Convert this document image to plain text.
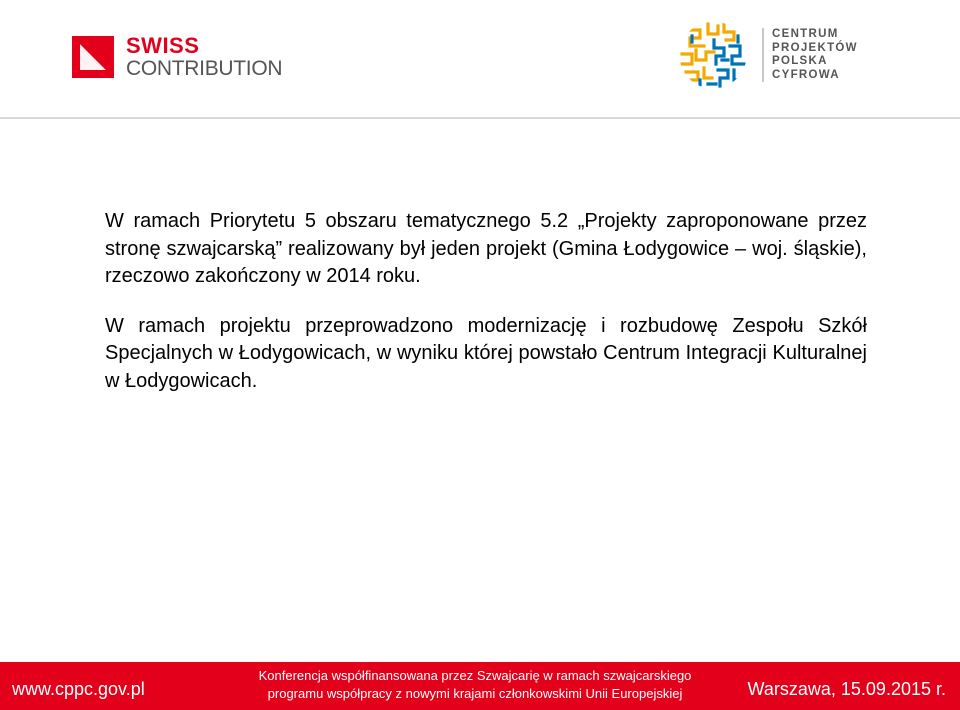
SWISS
CONTRIBUTION
CENTRUM
PROJEKTÓW
POLSKA
CYFROWA

W ramach Priorytetu 5 obszaru tematycznego 5.2 „Projekty zaproponowane przez stronę szwajcarską” realizowany był jeden projekt (Gmina Łodygowice – woj. śląskie), rzeczowo zakończony w 2014 roku.

W ramach projektu przeprowadzono modernizację i rozbudowę Zespołu Szkół Specjalnych w Łodygowicach, w wyniku której powstało Centrum Integracji Kulturalnej w Łodygowicach.

www.cppc.gov.pl
Konferencja współfinansowana przez Szwajcarię w ramach szwajcarskiego
programu współpracy z nowymi krajami członkowskimi Unii Europejskiej	Warszawa, 15.09.2015 r.
